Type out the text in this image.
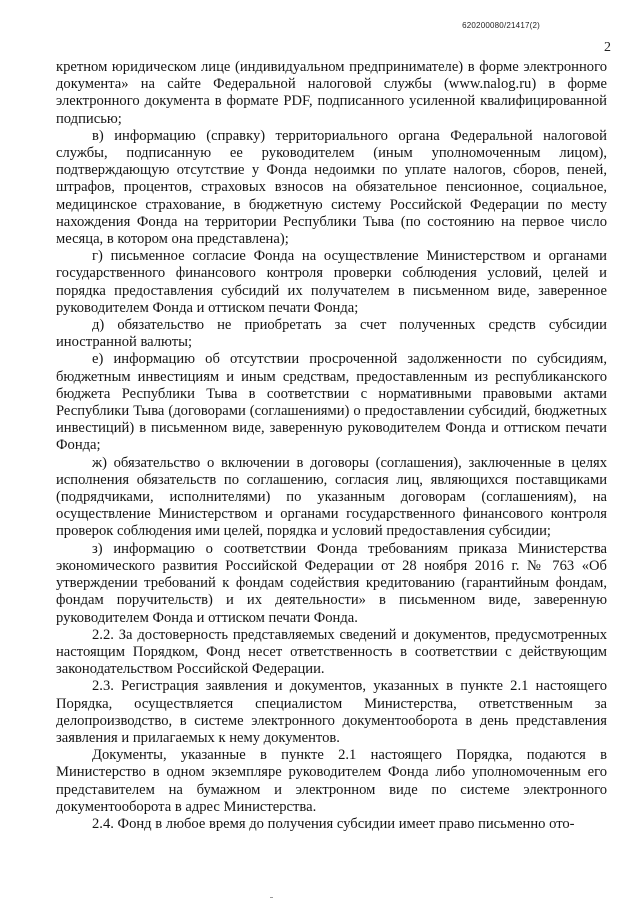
620200080/21417(2)
2

кретном юридическом лице (индивидуальном предпринимателе) в форме электронного документа» на сайте Федеральной налоговой службы (www.nalog.ru) в форме электронного документа в формате PDF, подписанного усиленной квалифицированной подписью;

в) информацию (справку) территориального органа Федеральной налоговой службы, подписанную ее руководителем (иным уполномоченным лицом), подтверждающую отсутствие у Фонда недоимки по уплате налогов, сборов, пеней, штрафов, процентов, страховых взносов на обязательное пенсионное, социальное, медицинское страхование, в бюджетную систему Российской Федерации по месту нахождения Фонда на территории Республики Тыва (по состоянию на первое число месяца, в котором она представлена);

г) письменное согласие Фонда на осуществление Министерством и органами государственного финансового контроля проверки соблюдения условий, целей и порядка предоставления субсидий их получателем в письменном виде, заверенное руководителем Фонда и оттиском печати Фонда;

д) обязательство не приобретать за счет полученных средств субсидии иностранной валюты;

е) информацию об отсутствии просроченной задолженности по субсидиям, бюджетным инвестициям и иным средствам, предоставленным из республиканского бюджета Республики Тыва в соответствии с нормативными правовыми актами Республики Тыва (договорами (соглашениями) о предоставлении субсидий, бюджетных инвестиций) в письменном виде, заверенную руководителем Фонда и оттиском печати Фонда;

ж) обязательство о включении в договоры (соглашения), заключенные в целях исполнения обязательств по соглашению, согласия лиц, являющихся поставщиками (подрядчиками, исполнителями) по указанным договорам (соглашениям), на осуществление Министерством и органами государственного финансового контроля проверок соблюдения ими целей, порядка и условий предоставления субсидии;

з) информацию о соответствии Фонда требованиям приказа Министерства экономического развития Российской Федерации от 28 ноября 2016 г. № 763 «Об утверждении требований к фондам содействия кредитованию (гарантийным фондам, фондам поручительств) и их деятельности» в письменном виде, заверенную руководителем Фонда и оттиском печати Фонда.

2.2. За достоверность представляемых сведений и документов, предусмотренных настоящим Порядком, Фонд несет ответственность в соответствии с действующим законодательством Российской Федерации.

2.3. Регистрация заявления и документов, указанных в пункте 2.1 настоящего Порядка, осуществляется специалистом Министерства, ответственным за делопроизводство, в системе электронного документооборота в день представления заявления и прилагаемых к нему документов.

Документы, указанные в пункте 2.1 настоящего Порядка, подаются в Министерство в одном экземпляре руководителем Фонда либо уполномоченным его представителем на бумажном и электронном виде по системе электронного документооборота в адрес Министерства.

2.4. Фонд в любое время до получения субсидии имеет право письменно ото-
